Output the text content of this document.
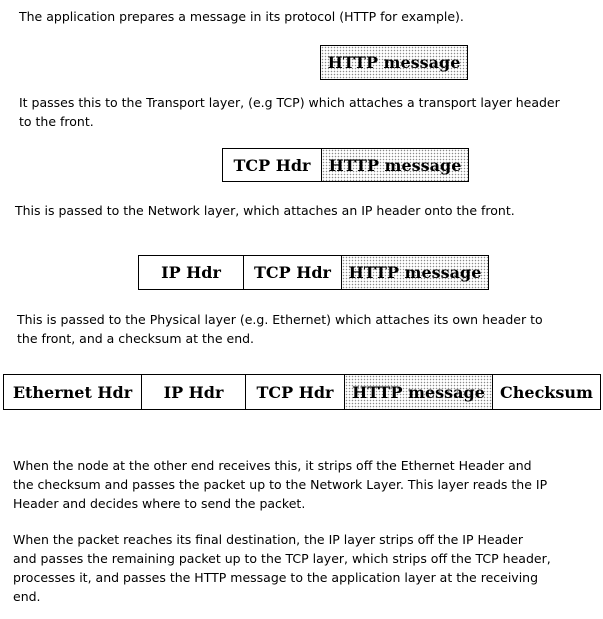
The application prepares a message in its protocol (HTTP for example).
HTTP message
It passes this to the Transport layer, (e.g TCP) which attaches a transport layer header
to the front.
TCP Hdr	HTTP message
This is passed to the Network layer, which attaches an IP header onto the front.
IP Hdr	TCP Hdr	HTTP message
This is passed to the Physical layer (e.g. Ethernet) which attaches its own header to
the front, and a checksum at the end.
Ethernet Hdr	IP Hdr	TCP Hdr	HTTP message Checksum
When the node at the other end receives this, it strips off the Ethernet Header and
the checksum and passes the packet up to the Network Layer. This layer reads the IP
Header and decides where to send the packet.
When the packet reaches its final destination, the IP layer strips off the IP Header
and passes the remaining packet up to the TCP layer, which strips off the TCP header,
processes it, and passes the HTTP message to the application layer at the receiving
end.
